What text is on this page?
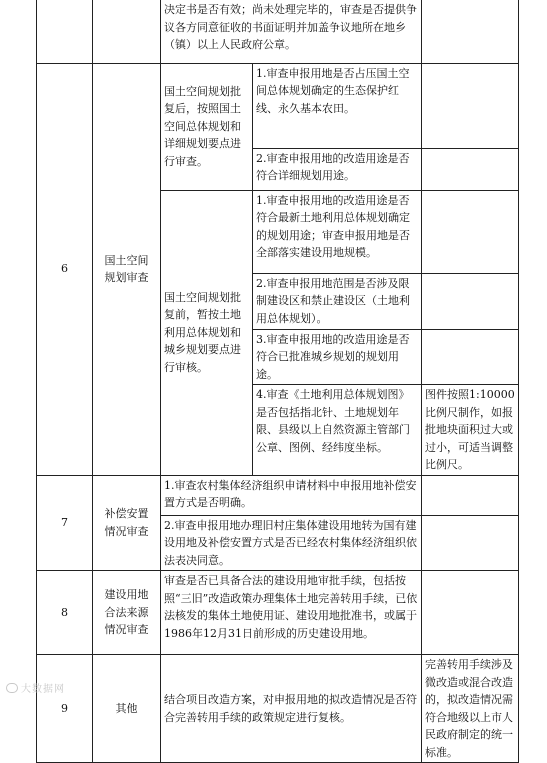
		决定书是否有效；尚未处理完毕的，审查是否提供争议各方同意征收的书面证明并加盖争议地所在地乡（镇）以上人民政府公章。		
6	国土空间规划审查	国土空间规划批复后，按照国土空间总体规划和详细规划要点进行审查。	1.审查申报用地是否占压国土空间总体规划确定的生态保护红线、永久基本农田。	
			2.审查申报用地的改造用途是否符合详细规划用途。	
		国土空间规划批复前，暂按土地利用总体规划和城乡规划要点进行审核。	1.审查申报用地的改造用途是否符合最新土地利用总体规划确定的规划用途；审查申报用地是否全部落实建设用地规模。	
			2.审查申报用地范围是否涉及限制建设区和禁止建设区（土地利用总体规划）。	
			3.审查申报用地的改造用途是否符合已批准城乡规划的规划用途。	
			4.审查《土地利用总体规划图》是否包括指北针、土地规划年限、县级以上自然资源主管部门公章、图例、经纬度坐标。	图件按照1:10000比例尺制作，如报批地块面积过大或过小，可适当调整比例尺。
7	补偿安置情况审查	1.审查农村集体经济组织申请材料中申报用地补偿安置方式是否明确。		
		2.审查申报用地办理旧村庄集体建设用地转为国有建设用地及补偿安置方式是否已经农村集体经济组织依法表决同意。		
8	建设用地合法来源情况审查	审查是否已具备合法的建设用地审批手续，包括按照“三旧”改造政策办理集体土地完善转用手续，已依法核发的集体土地使用证、建设用地批准书，或属于1986年12月31日前形成的历史建设用地。		
9	其他	结合项目改造方案，对申报用地的拟改造情况是否符合完善转用手续的政策规定进行复核。		完善转用手续涉及微改造或混合改造的，拟改造情况需符合地级以上市人民政府制定的统一标准。
大数据网
